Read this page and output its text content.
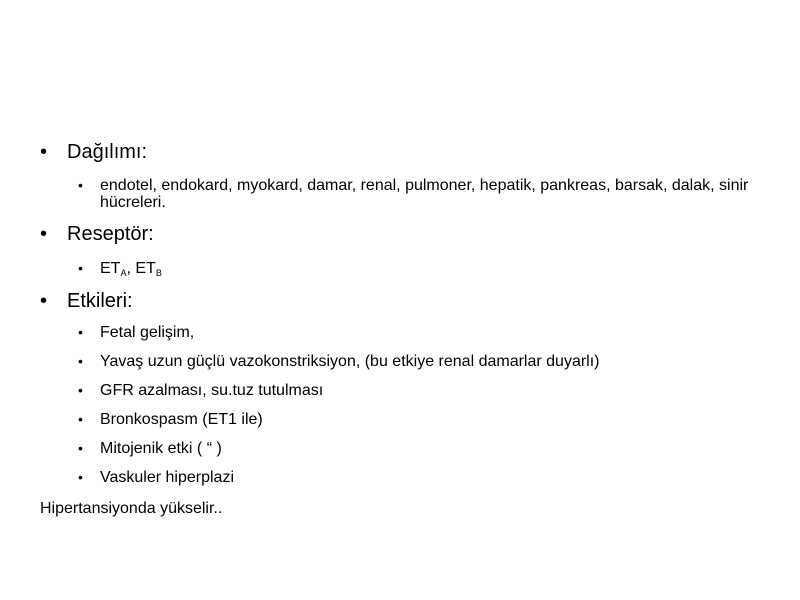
• Dağılımı:
• endotel, endokard, myokard, damar, renal, pulmoner, hepatik, pankreas, barsak, dalak, sinir hücreleri.
• Reseptör:
• $ET_A$, $ET_B$
• Etkileri:
• Fetal gelişim,
• Yavaş uzun güçlü vazokonstriksiyon, (bu etkiye renal damarlar duyarlı)
• GFR azalması, su.tuz tutulması
• Bronkospasm (ET1 ile)
• Mitojenik etki ( “ )
• Vaskuler hiperplazi
Hipertansiyonda yükselir..
